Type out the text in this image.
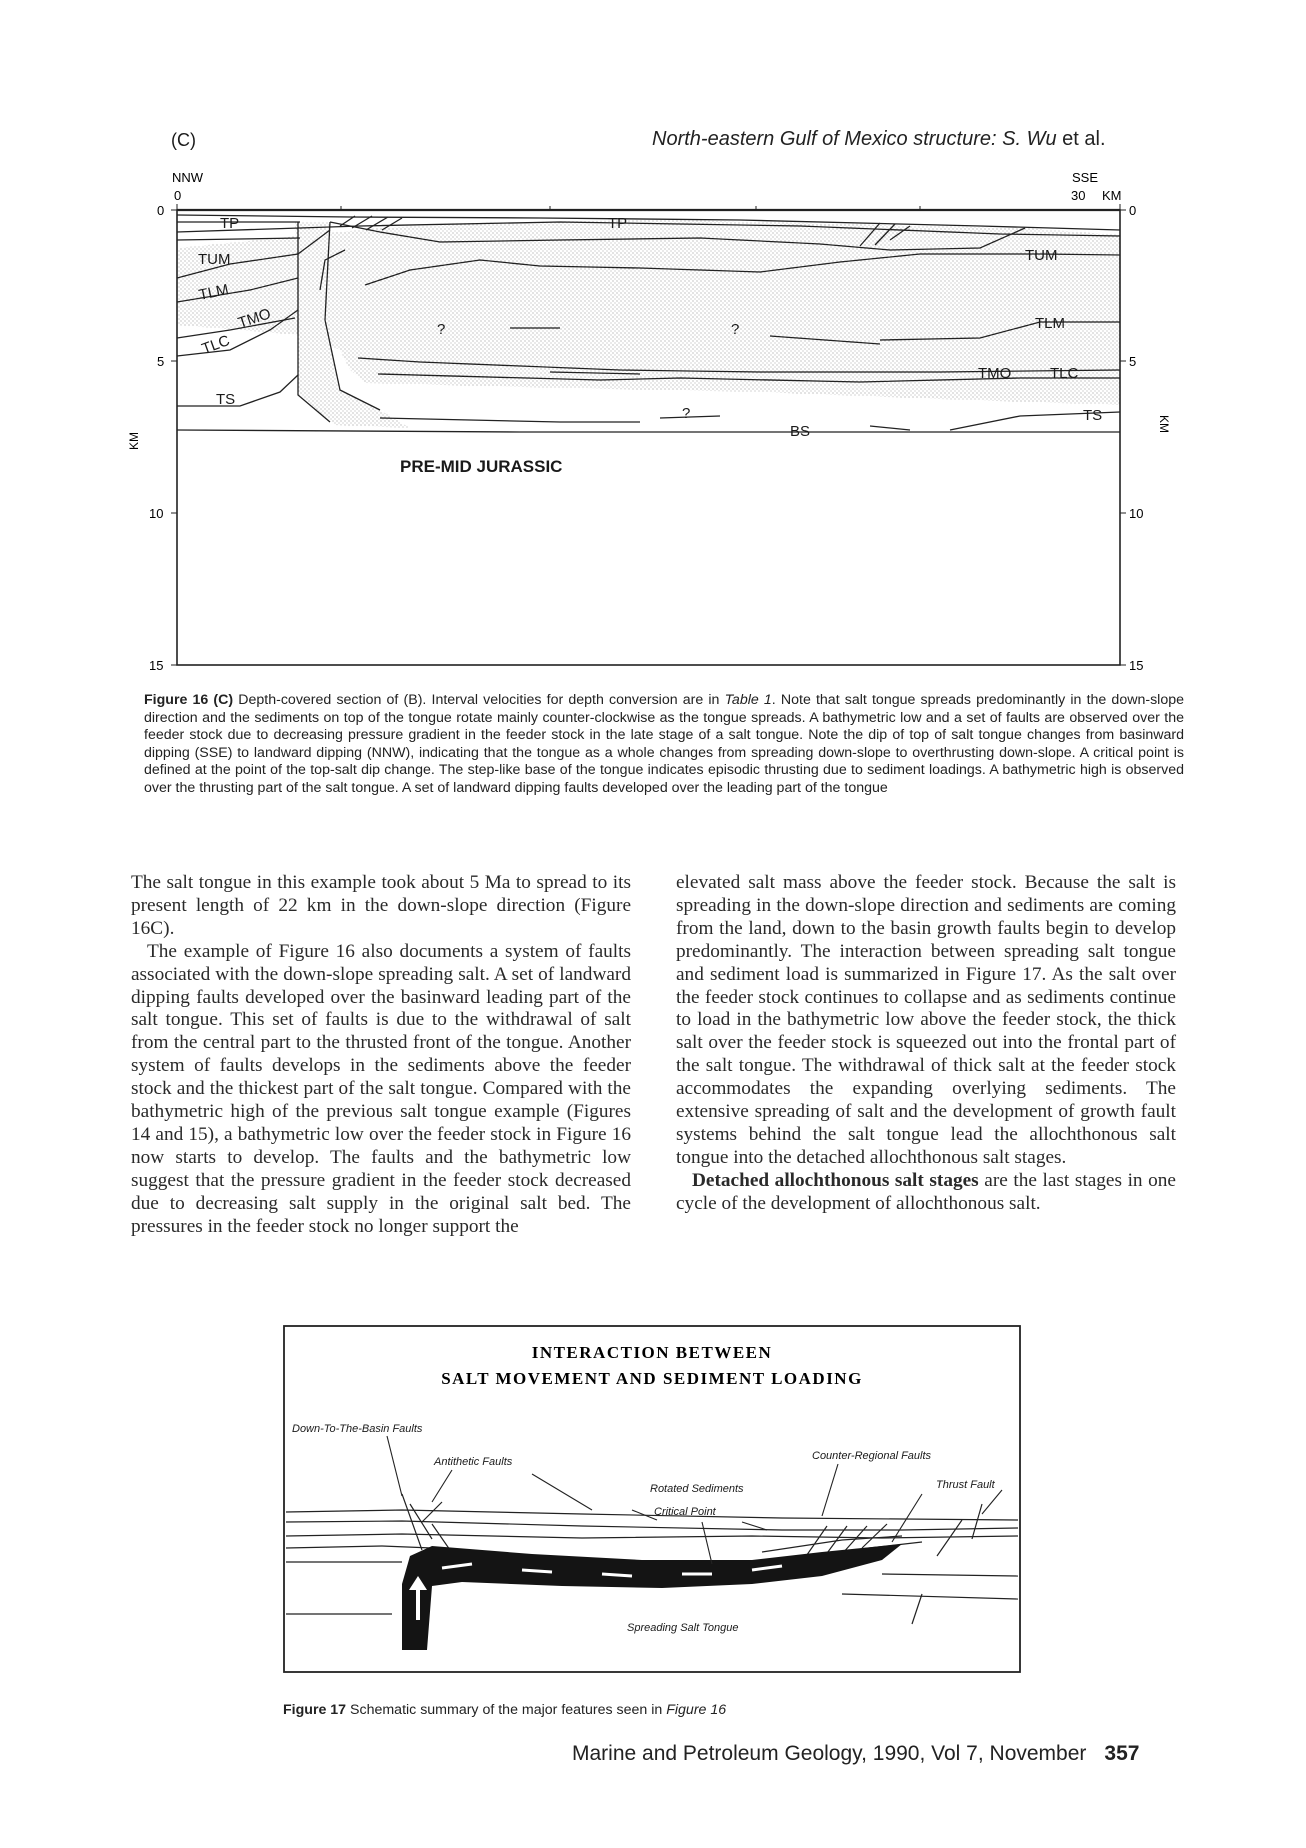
(C)	North-eastern Gulf of Mexico structure: S. Wu et al.
NNW
0
SSE
30 KM
0
5
10
15
0
5
10
15
KM
KM
TP	TP
TUM	TUM
TLM
TLM
TMO
TMO
TLC
TLC
TS
TS
BS
?	?
?
PRE-MID JURASSIC
Figure 16 (C) Depth-covered section of (B). Interval velocities for depth conversion are in Table 1. Note that salt tongue spreads predominantly in the down-slope direction and the sediments on top of the tongue rotate mainly counter-clockwise as the tongue spreads. A bathymetric low and a set of faults are observed over the feeder stock due to decreasing pressure gradient in the feeder stock in the late stage of a salt tongue. Note the dip of top of salt tongue changes from basinward dipping (SSE) to landward dipping (NNW), indicating that the tongue as a whole changes from spreading down-slope to overthrusting down-slope. A critical point is defined at the point of the top-salt dip change. The step-like base of the tongue indicates episodic thrusting due to sediment loadings. A bathymetric high is observed over the thrusting part of the salt tongue. A set of landward dipping faults developed over the leading part of the tongue

The salt tongue in this example took about 5 Ma to spread to its present length of 22 km in the down-slope direction (Figure 16C).

The example of Figure 16 also documents a system of faults associated with the down-slope spreading salt. A set of landward dipping faults developed over the basinward leading part of the salt tongue. This set of faults is due to the withdrawal of salt from the central part to the thrusted front of the tongue. Another system of faults develops in the sediments above the feeder stock and the thickest part of the salt tongue. Compared with the bathymetric high of the previous salt tongue example (Figures 14 and 15), a bathymetric low over the feeder stock in Figure 16 now starts to develop. The faults and the bathymetric low suggest that the pressure gradient in the feeder stock decreased due to decreasing salt supply in the original salt bed. The pressures in the feeder stock no longer support the

elevated salt mass above the feeder stock. Because the salt is spreading in the down-slope direction and sediments are coming from the land, down to the basin growth faults begin to develop predominantly. The interaction between spreading salt tongue and sediment load is summarized in Figure 17. As the salt over the feeder stock continues to collapse and as sediments continue to load in the bathymetric low above the feeder stock, the thick salt over the feeder stock is squeezed out into the frontal part of the salt tongue. The withdrawal of thick salt at the feeder stock accommodates the expanding overlying sediments. The extensive spreading of salt and the development of growth fault systems behind the salt tongue lead the allochthonous salt tongue into the detached allochthonous salt stages.

Detached allochthonous salt stages are the last stages in one cycle of the development of allochthonous salt.

INTERACTION BETWEEN
SALT MOVEMENT AND SEDIMENT LOADING
Down-To-The-Basin Faults
Antithetic Faults
Rotated Sediments
Critical Point
Counter-Regional Faults
Thrust Fault
Spreading Salt Tongue
Figure 17 Schematic summary of the major features seen in Figure 16
Marine and Petroleum Geology, 1990, Vol 7, November 357
